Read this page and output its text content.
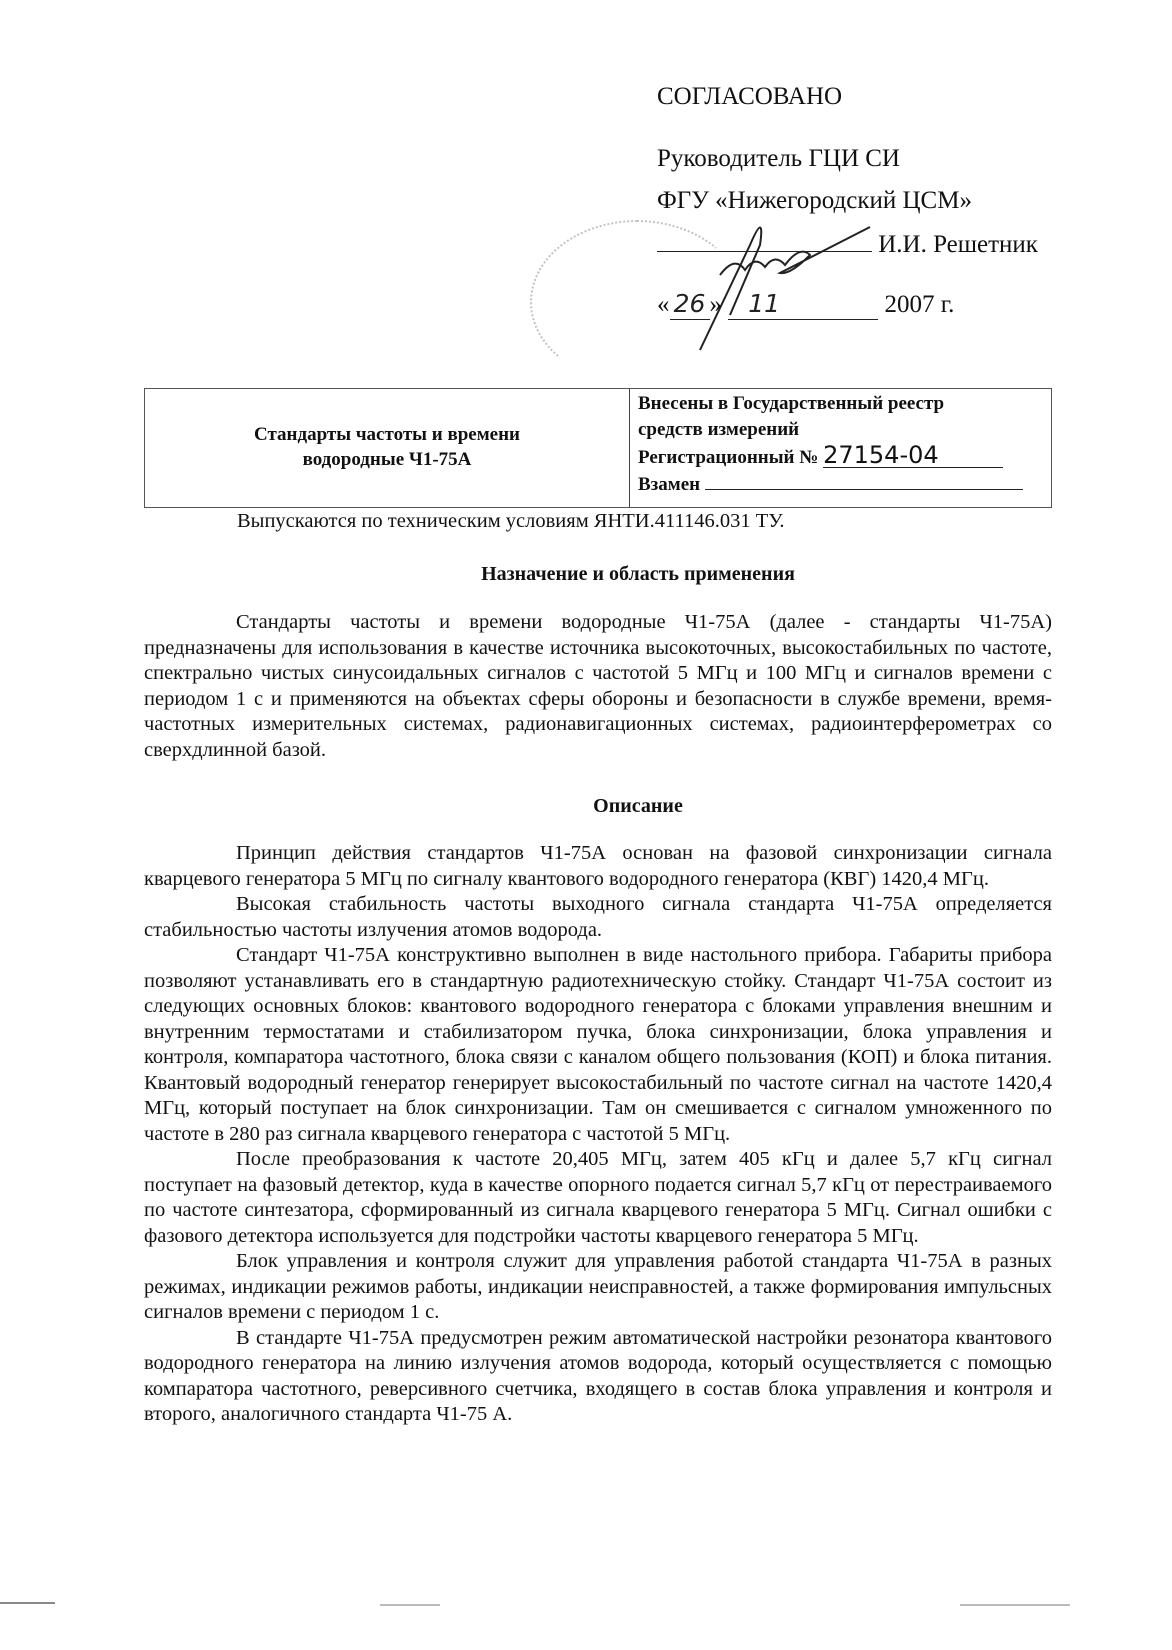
СОГЛАСОВАНО
Руководитель ГЦИ СИ
ФГУ «Нижегородский ЦСМ»
И.И. Решетник
« 26 » 11	2007 г.
Стандарты частоты и времени
водородные Ч1-75А
Внесены в Государственный реестр
средств измерений
Регистрационный № 27154-04
Взамен
Выпускаются по техническим условиям ЯНТИ.411146.031 ТУ.
Назначение и область применения

Стандарты частоты и времени водородные Ч1-75А (далее - стандарты Ч1-75А) предназначены для использования в качестве источника высокоточных, высокостабильных по частоте, спектрально чистых синусоидальных сигналов с частотой 5 МГц и 100 МГц и сигналов времени с периодом 1 с и применяются на объектах сферы обороны и безопасности в службе времени, время-частотных измерительных системах, радионавигационных системах, радиоинтерферометрах со сверхдлинной базой.

Описание

Принцип действия стандартов Ч1-75А основан на фазовой синхронизации сигнала кварцевого генератора 5 МГц по сигналу квантового водородного генератора (КВГ) 1420,4 МГц.

Высокая стабильность частоты выходного сигнала стандарта Ч1-75А определяется стабильностью частоты излучения атомов водорода.

Стандарт Ч1-75А конструктивно выполнен в виде настольного прибора. Габариты прибора позволяют устанавливать его в стандартную радиотехническую стойку. Стандарт Ч1-75А состоит из следующих основных блоков: квантового водородного генератора с блоками управления внешним и внутренним термостатами и стабилизатором пучка, блока синхронизации, блока управления и контроля, компаратора частотного, блока связи с каналом общего пользования (КОП) и блока питания. Квантовый водородный генератор генерирует высокостабильный по частоте сигнал на частоте 1420,4 МГц, который поступает на блок синхронизации. Там он смешивается с сигналом умноженного по частоте в 280 раз сигнала кварцевого генератора с частотой 5 МГц.

После преобразования к частоте 20,405 МГц, затем 405 кГц и далее 5,7 кГц сигнал поступает на фазовый детектор, куда в качестве опорного подается сигнал 5,7 кГц от перестраиваемого по частоте синтезатора, сформированный из сигнала кварцевого генератора 5 МГц. Сигнал ошибки с фазового детектора используется для подстройки частоты кварцевого генератора 5 МГц.

Блок управления и контроля служит для управления работой стандарта Ч1-75А в разных режимах, индикации режимов работы, индикации неисправностей, а также формирования импульсных сигналов времени с периодом 1 с.

В стандарте Ч1-75А предусмотрен режим автоматической настройки резонатора квантового водородного генератора на линию излучения атомов водорода, который осуществляется с помощью компаратора частотного, реверсивного счетчика, входящего в состав блока управления и контроля и второго, аналогичного стандарта Ч1-75 А.
